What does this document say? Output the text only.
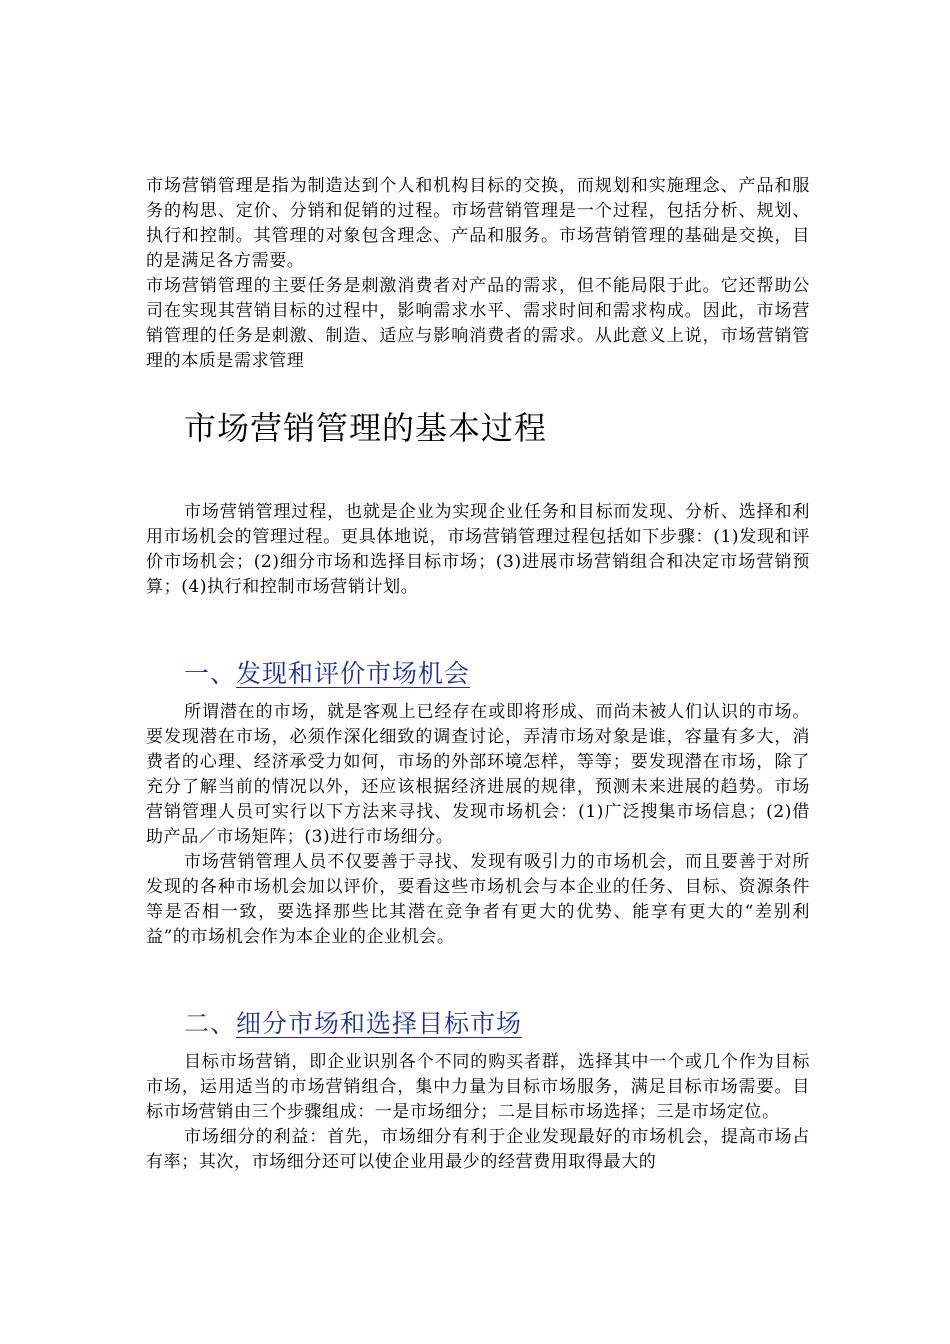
市场营销管理是指为制造达到个人和机构目标的交换，而规划和实施理念、产品和服务的构思、定价、分销和促销的过程。市场营销管理是一个过程，包括分析、规划、执行和控制。其管理的对象包含理念、产品和服务。市场营销管理的基础是交换，目的是满足各方需要。

市场营销管理的主要任务是刺激消费者对产品的需求，但不能局限于此。它还帮助公司在实现其营销目标的过程中，影响需求水平、需求时间和需求构成。因此，市场营销管理的任务是刺激、制造、适应与影响消费者的需求。从此意义上说，市场营销管理的本质是需求管理

市场营销管理的基本过程

市场营销管理过程，也就是企业为实现企业任务和目标而发现、分析、选择和利用市场机会的管理过程。更具体地说，市场营销管理过程包括如下步骤：(1)发现和评价市场机会；(2)细分市场和选择目标市场；(3)进展市场营销组合和决定市场营销预算；(4)执行和控制市场营销计划。

一、发现和评价市场机会

所谓潜在的市场，就是客观上已经存在或即将形成、而尚未被人们认识的市场。要发现潜在市场，必须作深化细致的调查讨论，弄清市场对象是谁，容量有多大，消费者的心理、经济承受力如何，市场的外部环境怎样，等等；要发现潜在市场，除了充分了解当前的情况以外，还应该根据经济进展的规律，预测未来进展的趋势。市场营销管理人员可实行以下方法来寻找、发现市场机会：(1)广泛搜集市场信息；(2)借助产品／市场矩阵；(3)进行市场细分。

市场营销管理人员不仅要善于寻找、发现有吸引力的市场机会，而且要善于对所发现的各种市场机会加以评价，要看这些市场机会与本企业的任务、目标、资源条件等是否相一致，要选择那些比其潜在竞争者有更大的优势、能享有更大的“差别利益”的市场机会作为本企业的企业机会。

二、细分市场和选择目标市场

目标市场营销，即企业识别各个不同的购买者群，选择其中一个或几个作为目标市场，运用适当的市场营销组合，集中力量为目标市场服务，满足目标市场需要。目标市场营销由三个步骤组成：一是市场细分；二是目标市场选择；三是市场定位。

市场细分的利益：首先，市场细分有利于企业发现最好的市场机会，提高市场占有率；其次，市场细分还可以使企业用最少的经营费用取得最大的
